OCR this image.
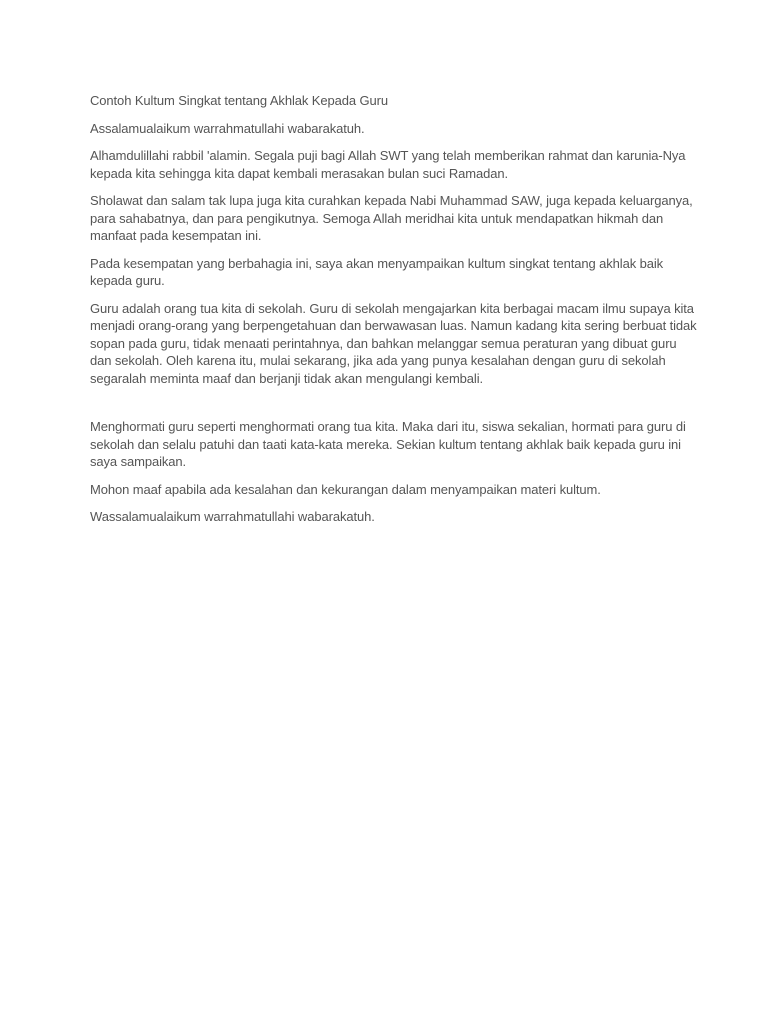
Contoh Kultum Singkat tentang Akhlak Kepada Guru

Assalamualaikum warrahmatullahi wabarakatuh.

Alhamdulillahi rabbil 'alamin. Segala puji bagi Allah SWT yang telah memberikan rahmat dan karunia-Nya kepada kita sehingga kita dapat kembali merasakan bulan suci Ramadan.

Sholawat dan salam tak lupa juga kita curahkan kepada Nabi Muhammad SAW, juga kepada keluarganya, para sahabatnya, dan para pengikutnya. Semoga Allah meridhai kita untuk mendapatkan hikmah dan manfaat pada kesempatan ini.

Pada kesempatan yang berbahagia ini, saya akan menyampaikan kultum singkat tentang akhlak baik kepada guru.

Guru adalah orang tua kita di sekolah. Guru di sekolah mengajarkan kita berbagai macam ilmu supaya kita menjadi orang-orang yang berpengetahuan dan berwawasan luas. Namun kadang kita sering berbuat tidak sopan pada guru, tidak menaati perintahnya, dan bahkan melanggar semua peraturan yang dibuat guru dan sekolah. Oleh karena itu, mulai sekarang, jika ada yang punya kesalahan dengan guru di sekolah segaralah meminta maaf dan berjanji tidak akan mengulangi kembali.

Menghormati guru seperti menghormati orang tua kita. Maka dari itu, siswa sekalian, hormati para guru di sekolah dan selalu patuhi dan taati kata-kata mereka. Sekian kultum tentang akhlak baik kepada guru ini saya sampaikan.

Mohon maaf apabila ada kesalahan dan kekurangan dalam menyampaikan materi kultum.

Wassalamualaikum warrahmatullahi wabarakatuh.
